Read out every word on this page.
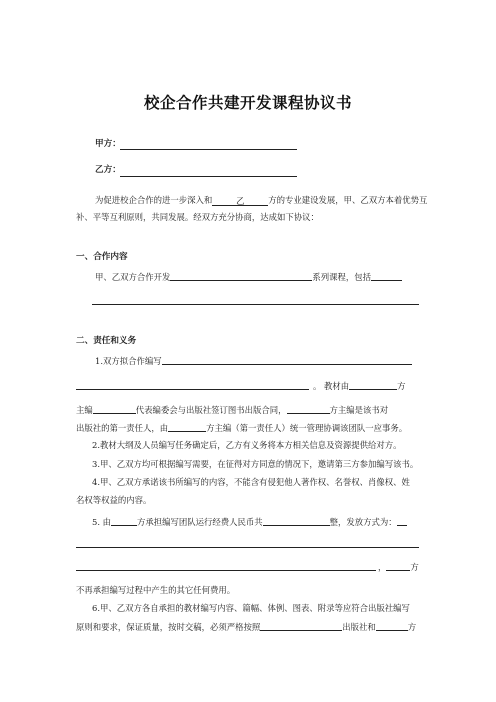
校企合作共建开发课程协议书
甲方：
乙方：
为促进校企合作的进一步深入和	乙	方的专业建设发展，甲、乙双方本着优势互
补、平等互利原则，共同发展。经双方充分协商，达成如下协议：
一、合作内容
甲、乙双方合作开发	系列课程，包括
二、责任和义务
1.双方拟合作编写
。 教材由	方
主编	代表编委会与出版社签订图书出版合同，	方主编是该书对
出版社的第一责任人，由	方主编（第一责任人）统一管理协调该团队一应事务。
2.教材大纲及人员编写任务确定后，乙方有义务将本方相关信息及资源提供给对方。
3.甲、乙双方均可根据编写需要，在征得对方同意的情况下，邀请第三方参加编写该书。
4.甲、乙双方承诺该书所编写的内容，不能含有侵犯他人著作权、名誉权、肖像权、姓
名权等权益的内容。
5. 由	方承担编写团队运行经费人民币共	整，发放方式为：
，	方
不再承担编写过程中产生的其它任何费用。
6.甲、乙双方各自承担的教材编写内容、篇幅、体例、图表、附录等应符合出版社编写
原则和要求，保证质量，按时交稿，必须严格按照	出版社和	方
